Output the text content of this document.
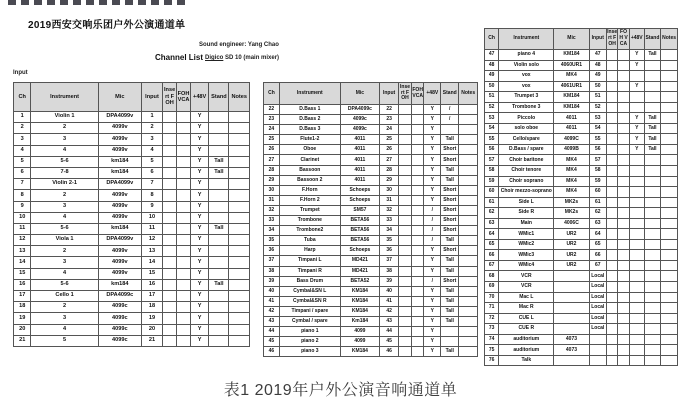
2019西安交响乐团户外公演通道单
Sound engineer: Yang Chao
Channel List Digico SD 10 (main mixer)
Input
Ch	Instrument	Mic	Input	Insert FOH	FOH VCA	+48V	Stand	Notes
1	Violin 1	DPA4099v	1			Y		
2	2	4099v	2			Y		
3	3	4099v	3			Y		
4	4	4099v	4			Y		
5	5-6	km184	5			Y	Tall	
6	7-8	km184	6			Y	Tall	
7	Violin 2-1	DPA4099v	7			Y		
8	2	4099v	8			Y		
9	3	4099v	9			Y		
10	4	4099v	10			Y		
11	5-6	km184	11			Y	Tall	
12	Viola 1	DPA4099v	12			Y		
13	2	4099v	13			Y		
14	3	4099v	14			Y		
15	4	4099v	15			Y		
16	5-6	km184	16			Y	Tall	
17	Cello 1	DPA4099c	17			Y		
18	2	4099c	18			Y		
19	3	4099c	19			Y		
20	4	4099c	20			Y		
21	5	4099c	21			Y		
Ch	Instrument	Mic	Input	Insert FOH	FOH VCA	+48V	Stand	Notes
22	D.Bass 1	DPA4099c	22			Y	/	
23	D.Bass 2	4099c	23			Y	/	
24	D.Bass 3	4099c	24			Y		
25	Flute1-2	4011	25			Y	Tall	
26	Oboe	4011	26			Y	Short	
27	Clarinet	4011	27			Y	Short	
28	Bassoon	4011	28			Y	Tall	
29	Bassoon 2	4011	29			Y	Tall	
30	F.Horn	Schoeps	30			Y	Short	
31	F.Horn 2	Schoeps	31			Y	Short	
32	Trumpet	SM57	32			/	Short	
33	Trombone	BETA56	33			/	Short	
34	Trombone2	BETA56	34			/	Short	
35	Tuba	BETA56	35			/	Tall	
36	Harp	Schoeps	36			Y	Short	
37	Timpani L	MD421	37			Y	Tall	
38	Timpani R	MD421	38			Y	Tall	
39	Bass Drum	BETA52	39			/	Short	
40	Cymbal&SN L	KM184	40			Y	Tall	
41	Cymbal&SN R	KM184	41			Y	Tall	
42	Timpani / spare	KM184	42			Y	Tall	
43	Cymbal / spare	Km184	43			Y	Tall	
44	piano 1	4099	44			Y		
45	piano 2	4099	45			Y		
46	piano 3	KM184	46			Y	Tall	
Ch	Instrument	Mic	Input	Insert FOH	FOH VCA	+48V	Stand	Notes
47	piano 4	KM184	47			Y	Tall	
48	Violin solo	4060UR1	48			Y		
49	vox	MK4	49					
50	vox	4061UR1	50			Y		
51	Trumpet 3	KM184	51					
52	Trombone 3	KM184	52					
53	Piccolo	4011	53			Y	Tall	
54	solo oboe	4011	54			Y	Tall	
55	Cello/spare	4099C	55			Y	Tall	
56	D.Bass / spare	4099B	56			Y	Tall	
57	Choir baritone	MK4	57					
58	Choir tenore	MK4	58					
59	Choir soprano	MK4	59					
60	Choir mezzo-soprano	MK4	60					
61	Side L	MK2s	61					
62	Side R	MK2s	62					
63	Main	4006C	63					
64	WMic1	UR2	64					
65	WMic2	UR2	65					
66	WMic3	UR2	66					
67	WMic4	UR2	67					
68	VCR		Local					
69	VCR		Local					
70	Mac L		Local					
71	Mac R		Local					
72	CUE L		Local					
73	CUE R		Local					
74	auditorium	4073						
75	auditorium	4073						
76	Talk							
表1 2019年户外公演音响通道单
